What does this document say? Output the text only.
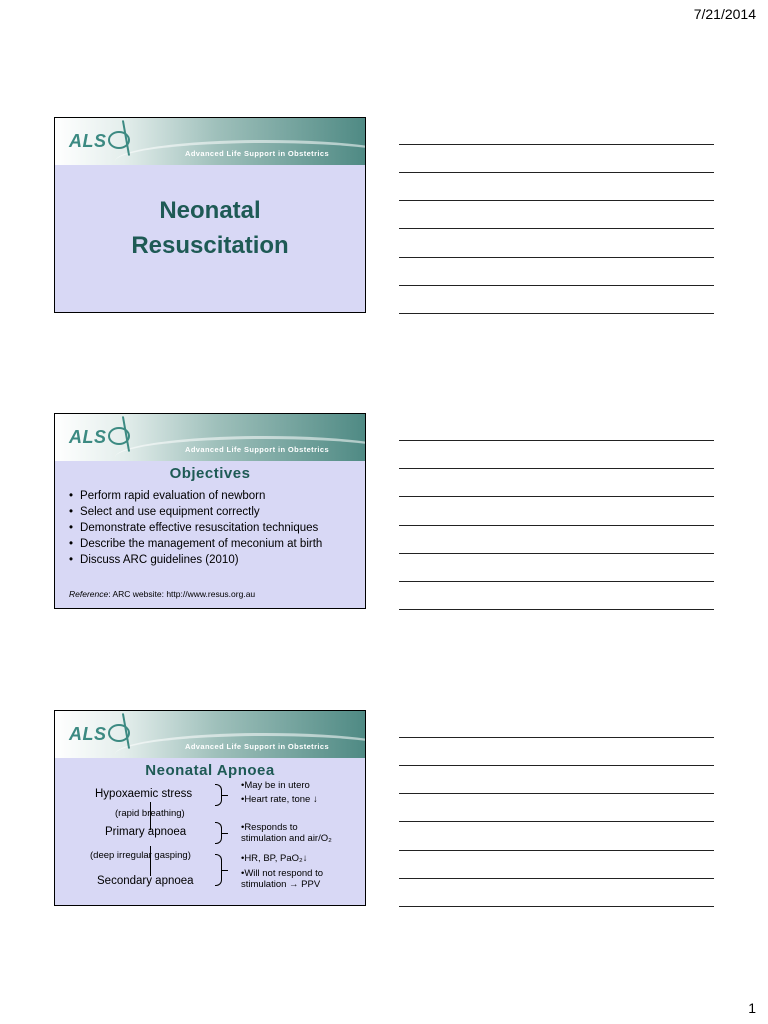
7/21/2014
ALS
Advanced Life Support in Obstetrics
Neonatal
Resuscitation
ALS
Advanced Life Support in Obstetrics
Objectives
• Perform rapid evaluation of newborn
• Select and use equipment correctly
• Demonstrate effective resuscitation techniques
• Describe the management of meconium at birth
• Discuss ARC guidelines (2010)
Reference: ARC website: http://www.resus.org.au
ALS
Advanced Life Support in Obstetrics
Neonatal Apnoea
Hypoxaemic stress
(rapid breathing)
Primary apnoea
(deep irregular gasping)
Secondary apnoea
•May be in utero
•Heart rate, tone ↓
•Responds to
stimulation and air/O₂
•HR, BP, PaO₂↓
•Will not respond to
stimulation → PPV
1
